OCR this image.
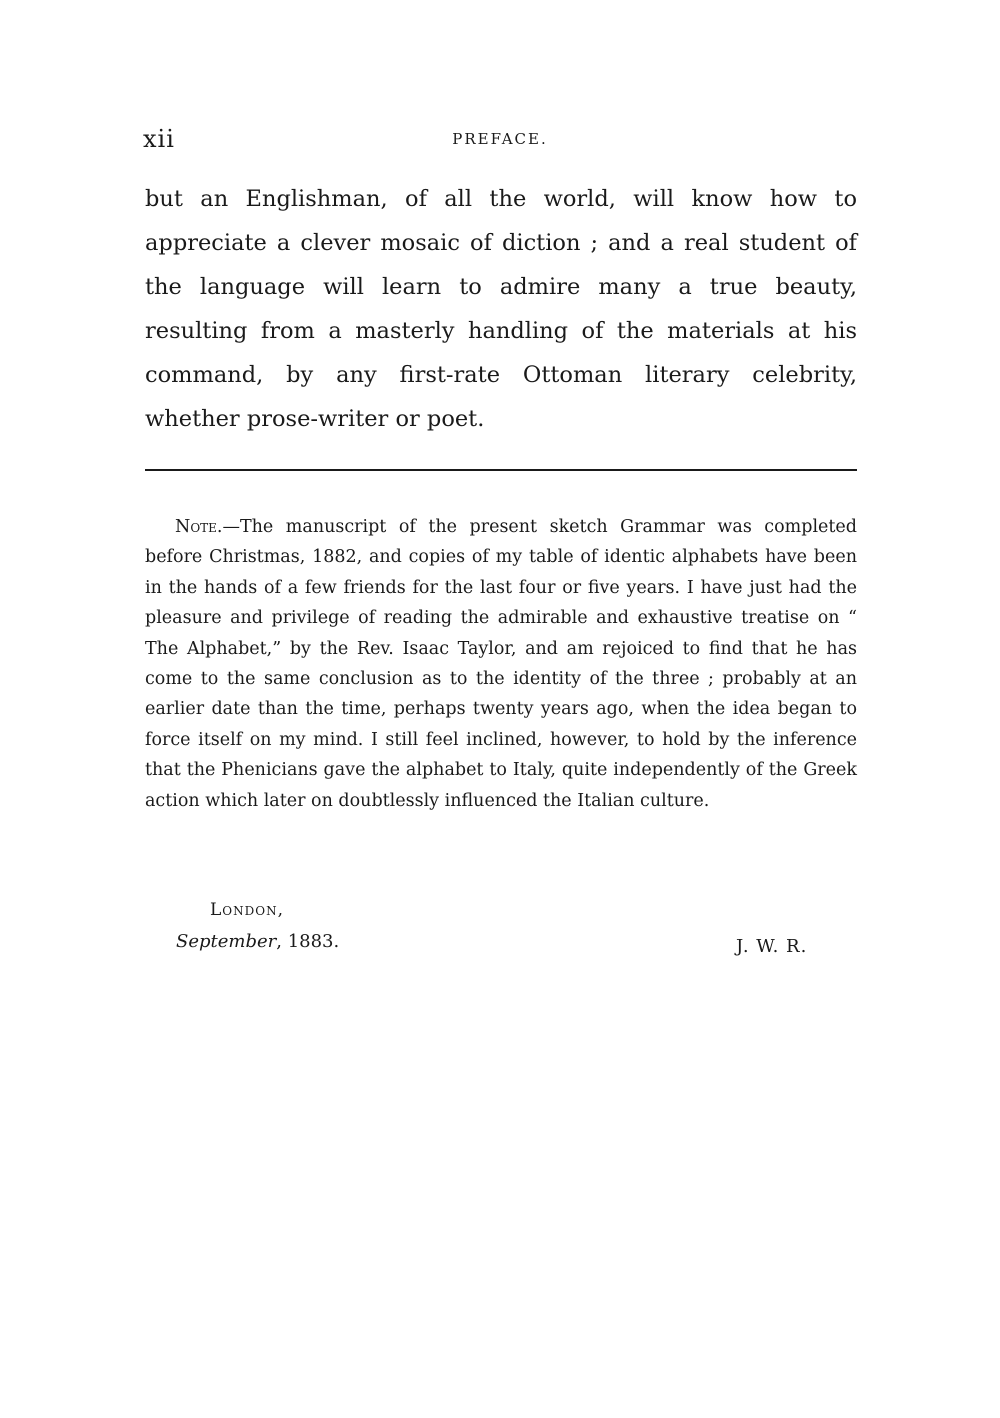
xii	PREFACE.

but an Englishman, of all the world, will know how to appreciate a clever mosaic of diction ; and a real student of the language will learn to admire many a true beauty, resulting from a masterly handling of the materials at his command, by any first-rate Ottoman literary celebrity, whether prose-writer or poet.

Note.—The manuscript of the present sketch Grammar was completed before Christmas, 1882, and copies of my table of identic alphabets have been in the hands of a few friends for the last four or five years. I have just had the pleasure and privilege of reading the admirable and exhaustive treatise on “ The Alphabet,” by the Rev. Isaac Taylor, and am rejoiced to find that he has come to the same conclusion as to the identity of the three ; probably at an earlier date than the time, perhaps twenty years ago, when the idea began to force itself on my mind. I still feel inclined, however, to hold by the inference that the Phenicians gave the alphabet to Italy, quite independently of the Greek action which later on doubtlessly influenced the Italian culture.

London,
September, 1883.	J. W. R.
